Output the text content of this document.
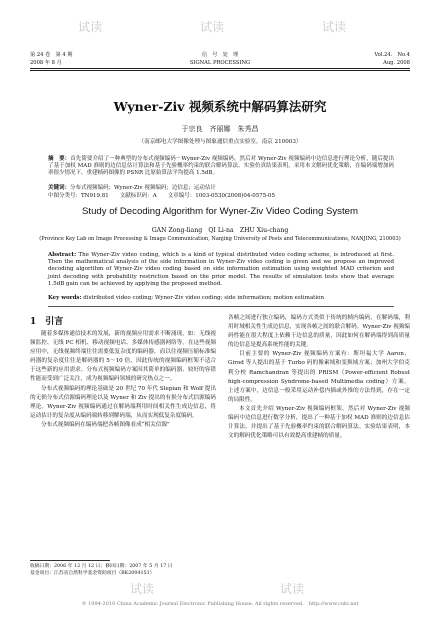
第 24 卷　第 4 期
2008 年 8 月
信　号　处　理
SIGNAL PROCESSING
Vol.24.　No.4
Aug. 2008
Wyner-Ziv 视频系统中解码算法研究
于宗良　齐丽娜　朱秀昌
（南京邮电大学图像处理与图象通信重点实验室，南京 210003）
摘　要：首先简要介绍了一种典型的分布式视频编码－Wyner-Ziv 视频编码。然后对 Wyner-Ziv 视频编码中边信息进行理论分析，随后提出了基于加权 MAD 准则的边信息估计算法和基于先验概率约束的联合解码算法。实验仿真结果表明，采用本文解码优化策略，在编码端增加码率很少情况下，重建帧码图像的 PSNR 比原始算法平均提高 1.5dB。
关键词：分布式视频编码；Wyner-Ziv 视频编码；边信息；运动估计
中图分类号：TN919.81　　文献标识码：A　　文章编号：1003-0530(2008)04-0575-05
Study of Decoding Algorithm for Wyner-Ziv Video Coding System
GAN Zong-liang　QI Li-na　ZHU Xiu-chang
(Province Key Lab on Image Processing & Image Communication, Nanjing University of Posts and Telecommunications, NANJING, 210003)
Abstract: The Wyner-Ziv video coding, which is a kind of typical distributed video coding scheme, is introduced at first. Then the mathematical analysis of the side information in Wyner-Ziv video coding is given and we propose an improved decoding algorithm of Wyner-Ziv video coding based on side information estimation using weighted MAD criterion and joint decoding with probability restriction based on the prior model. The results of simulation tests show that average 1.5dB gain can be achieved by applying the proposed method.
Key words: distributed video coding; Wyner-Ziv video coding; side information; motion estimation
1　引言

随着多媒体通信技术的发展，新的视频应用需求不断涌现，如：无线视频监控、无线 PC 相机、移动视频电话、多媒体传感器网络等。在这些视频应用中，无线视频终端往往需要低复杂度的编码器，而以往视频压缩标准编码器的复杂度往往是解码器的 5～10 倍，因此传统的视频编码框架不适合于这些新的应用需求。分布式视频编码方案因其简单的编码器、较好的容错性能而受到广泛关注，成为视频编码领域的研究热点之一。

分布式视频编码的理论基础是 20 世纪 70 年代 Slepian 和 Wolf 提出的无损分布式信源编码理论以及 Wyner 和 Ziv 提出的有损分布式信源编码理论。Wyner-Ziv 视频编码通过在解码端利用时间相关性生成边信息，将运动估计的复杂度从编码端转移到解码端，从而实现低复杂度编码。

分布式视频编码在编码端把各帧图像看成“相关信源”

收稿日期：2006 年 12 月 12 日；修回日期：2007 年 5 月 17 日
基金项目：江苏省自然科学基金资助项目（BK2004151）

各帧之间进行独立编码，编码方式类似于传统的帧内编码，在解码端，利用时域相关性生成边信息，实现各帧之间的联合解码。Wyner-Ziv 视频编码性能在很大程度上依赖于边信息的质量，因此如何在解码端得到高质量的边信息是提高系统性能的关键。

目前主要的 Wyner-Ziv 视频编码方案有：斯坦福大学 Aaron、Girod 等人提出的基于 Turbo 码的像素域和变换域方案；加州大学伯克利分校 Ramchandran 等提出的 PRISM（Power-efficient Robust high-compression Syndrome-based Multimedia coding）方案。上述方案中，边信息一般采用运动补偿内插或外推的方法得到，存在一定的局限性。

本文首先介绍 Wyner-Ziv 视频编码框架，然后对 Wyner-Ziv 视频编码中边信息进行数学分析，提出了一种基于加权 MAD 准则的边信息估计算法，并提出了基于先验概率约束的联合解码算法。实验结果表明，本文的解码优化策略可以有效提高重建帧的质量。

试读	试读	试读
试读	试读
© 1994-2010 China Academic Journal Electronic Publishing House. All rights reserved.　http://www.cnki.net
